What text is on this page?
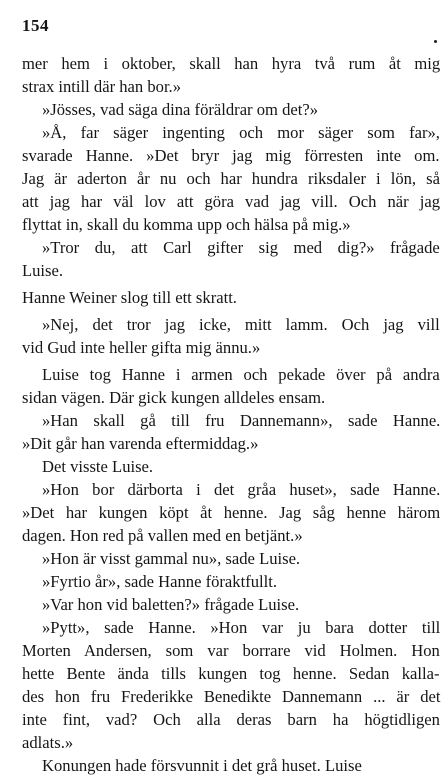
154

mer hem i oktober, skall han hyra två rum åt mig
strax intill där han bor.»

»Jösses, vad säga dina föräldrar om det?»

»Å, far säger ingenting och mor säger som far»,
svarade Hanne. »Det bryr jag mig förresten inte om.
Jag är aderton år nu och har hundra riksdaler i lön, så
att jag har väl lov att göra vad jag vill. Och när jag
flyttat in, skall du komma upp och hälsa på mig.»

»Tror du, att Carl gifter sig med dig?» frågade
Luise.

Hanne Weiner slog till ett skratt.

»Nej, det tror jag icke, mitt lamm. Och jag vill
vid Gud inte heller gifta mig ännu.»

Luise tog Hanne i armen och pekade över på andra
sidan vägen. Där gick kungen alldeles ensam.

»Han skall gå till fru Dannemann», sade Hanne.
»Dit går han varenda eftermiddag.»

Det visste Luise.

»Hon bor därborta i det gråa huset», sade Hanne.
»Det har kungen köpt åt henne. Jag såg henne härom
dagen. Hon red på vallen med en betjänt.»

»Hon är visst gammal nu», sade Luise.

»Fyrtio år», sade Hanne föraktfullt.

»Var hon vid baletten?» frågade Luise.

»Pytt», sade Hanne. »Hon var ju bara dotter till
Morten Andersen, som var borrare vid Holmen. Hon
hette Bente ända tills kungen tog henne. Sedan kalla-
des hon fru Frederikke Benedikte Dannemann ... är det
inte fint, vad? Och alla deras barn ha högtidligen
adlats.»

Konungen hade försvunnit i det grå huset. Luise
